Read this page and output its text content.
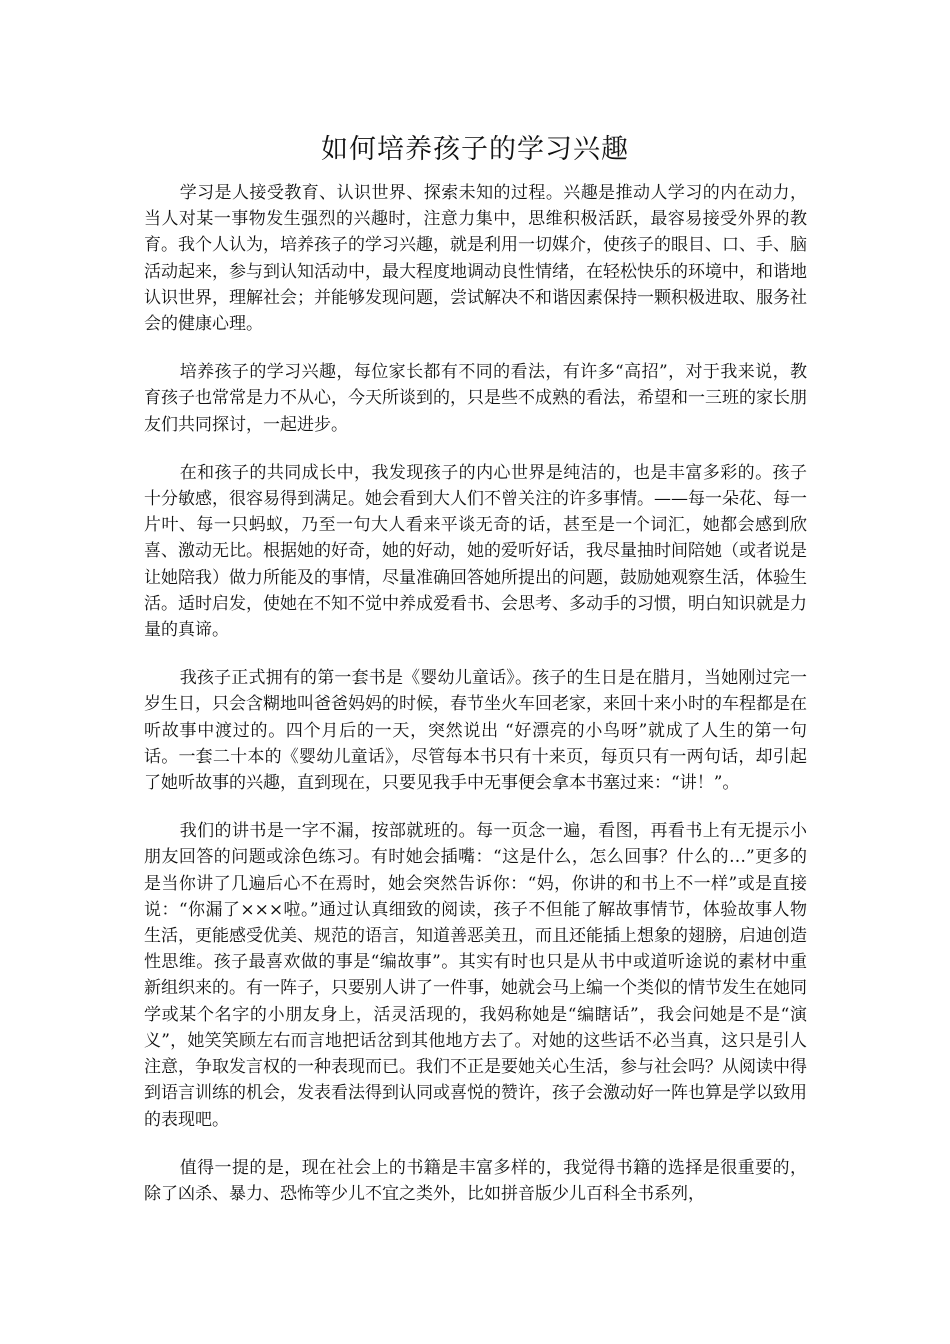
如何培养孩子的学习兴趣

学习是人接受教育、认识世界、探索未知的过程。兴趣是推动人学习的内在动力，当人对某一事物发生强烈的兴趣时，注意力集中，思维积极活跃，最容易接受外界的教育。我个人认为，培养孩子的学习兴趣，就是利用一切媒介，使孩子的眼目、口、手、脑活动起来，参与到认知活动中，最大程度地调动良性情绪，在轻松快乐的环境中，和谐地认识世界，理解社会；并能够发现问题，尝试解决不和谐因素保持一颗积极进取、服务社会的健康心理。

培养孩子的学习兴趣，每位家长都有不同的看法，有许多“高招”，对于我来说，教育孩子也常常是力不从心，今天所谈到的，只是些不成熟的看法，希望和一三班的家长朋友们共同探讨，一起进步。

在和孩子的共同成长中，我发现孩子的内心世界是纯洁的，也是丰富多彩的。孩子十分敏感，很容易得到满足。她会看到大人们不曾关注的许多事情。——每一朵花、每一片叶、每一只蚂蚁，乃至一句大人看来平谈无奇的话，甚至是一个词汇，她都会感到欣喜、激动无比。根据她的好奇，她的好动，她的爱听好话，我尽量抽时间陪她（或者说是让她陪我）做力所能及的事情，尽量准确回答她所提出的问题，鼓励她观察生活，体验生活。适时启发，使她在不知不觉中养成爱看书、会思考、多动手的习惯，明白知识就是力量的真谛。

我孩子正式拥有的第一套书是《婴幼儿童话》。孩子的生日是在腊月，当她刚过完一岁生日，只会含糊地叫爸爸妈妈的时候，春节坐火车回老家，来回十来小时的车程都是在听故事中渡过的。四个月后的一天，突然说出 “好漂亮的小鸟呀”就成了人生的第一句话。一套二十本的《婴幼儿童话》，尽管每本书只有十来页，每页只有一两句话，却引起了她听故事的兴趣，直到现在，只要见我手中无事便会拿本书塞过来：“讲！”。

我们的讲书是一字不漏，按部就班的。每一页念一遍，看图，再看书上有无提示小朋友回答的问题或涂色练习。有时她会插嘴：“这是什么，怎么回事？什么的…”更多的是当你讲了几遍后心不在焉时，她会突然告诉你：“妈，你讲的和书上不一样”或是直接说：“你漏了×××啦。”通过认真细致的阅读，孩子不但能了解故事情节，体验故事人物生活，更能感受优美、规范的语言，知道善恶美丑，而且还能插上想象的翅膀，启迪创造性思维。孩子最喜欢做的事是“编故事”。其实有时也只是从书中或道听途说的素材中重新组织来的。有一阵子，只要别人讲了一件事，她就会马上编一个类似的情节发生在她同学或某个名字的小朋友身上，活灵活现的，我妈称她是“编瞎话”，我会问她是不是“演义”，她笑笑顾左右而言地把话岔到其他地方去了。对她的这些话不必当真，这只是引人注意，争取发言权的一种表现而已。我们不正是要她关心生活，参与社会吗？从阅读中得到语言训练的机会，发表看法得到认同或喜悦的赞许，孩子会激动好一阵也算是学以致用的表现吧。

值得一提的是，现在社会上的书籍是丰富多样的，我觉得书籍的选择是很重要的，除了凶杀、暴力、恐怖等少儿不宜之类外，比如拼音版少儿百科全书系列，
